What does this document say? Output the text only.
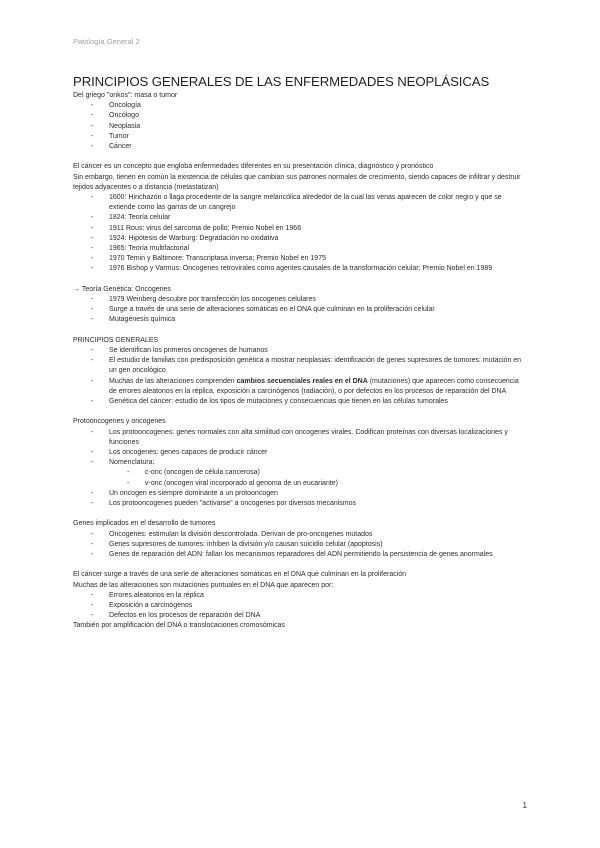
Patología General 2
PRINCIPIOS GENERALES DE LAS ENFERMEDADES NEOPLÁSICAS

Del griego "onkos": masa o tumor

- Oncología
- Oncólogo
- Neoplasia
- Tumor
- Cáncer

El cáncer es un concepto que engloba enfermedades diferentes en su presentación clínica, diagnóstico y pronóstico

Sin embargo, tienen en común la existencia de células que cambian sus patrones normales de crecimiento, siendo capaces de infiltrar y destruir tejidos adyacentes o a distancia (metastatizan)

- 1600: Hinchazón o llaga procedente de la sangre melancólica alrededor de la cual las venas aparecen de color negro y que se extiende como las garras de un cangrejo
- 1824: Teoría celular
- 1911 Rous: virus del sarcoma de pollo; Premio Nobel en 1966
- 1924: Hipótesis de Warburg: Degradación no oxidativa
- 1965: Teoría multifactorial
- 1970 Temin y Baltimore: Transcriptasa inversa; Premio Nobel en 1975
- 1976 Bishop y Varmus: Oncogenes retrovirales como agentes causales de la transformación celular; Premio Nobel en 1989

→ Teoría Genética: Oncogenes

- 1979 Weinberg descubre por transfección los oncogenes celulares
- Surge a través de una serie de alteraciones somáticas en el DNA que culminan en la proliferación celular
- Mutagénesis química

PRINCIPIOS GENERALES

- Se identifican los primeros oncogenes de humanos
- El estudio de familias con predisposición genética a mostrar neoplasias: identificación de genes supresores de tumores: mutación en un gen oncológico
- Muchas de las alteraciones comprenden cambios secuenciales reales en el DNA (mutaciones) que aparecen como consecuencia de errores aleatorios en la réplica, exposición a carcinógenos (radiación), o por defectos en los procesos de reparación del DNA
- Genética del cáncer: estudio de los tipos de mutaciones y consecuencias que tienen en las células tumorales

Protooncogenes y oncogenes

- Los protooncogenes: genes normales con alta similitud con oncogenes virales. Codifican proteínas con diversas localizaciones y funciones
- Los oncogenes: genes capaces de producir cáncer
- Nomenclatura:
- c-onc (oncogen de célula cancerosa)
- v-onc (oncogen viral incorporado al genoma de un eucariante)
- Un oncogen es siempre dominante a un protooncogen
- Los protooncogenes pueden "activarse" a oncogenes por diversos mecanismos

Genes implicados en el desarrollo de tumores

- Oncogenes: estimulan la división descontrolada. Derivan de pro-oncogenes mutados
- Genes supresores de tumores: inhiben la división y/o causan suicidio celular (apoptosis)
- Genes de reparación del ADN: fallan los mecanismos reparadores del ADN permitiendo la persistencia de genes anormales

El cáncer surge a través de una serie de alteraciones somáticas en el DNA que culminan en la proliferación

Muchas de las alteraciones son mutaciones puntuales en el DNA que aparecen por:

- Errores aleatorios en la réplica
- Exposición a carcinógenos
- Defectos en los procesos de reparación del DNA

También por amplificación del DNA o translocaciones cromosómicas

1
